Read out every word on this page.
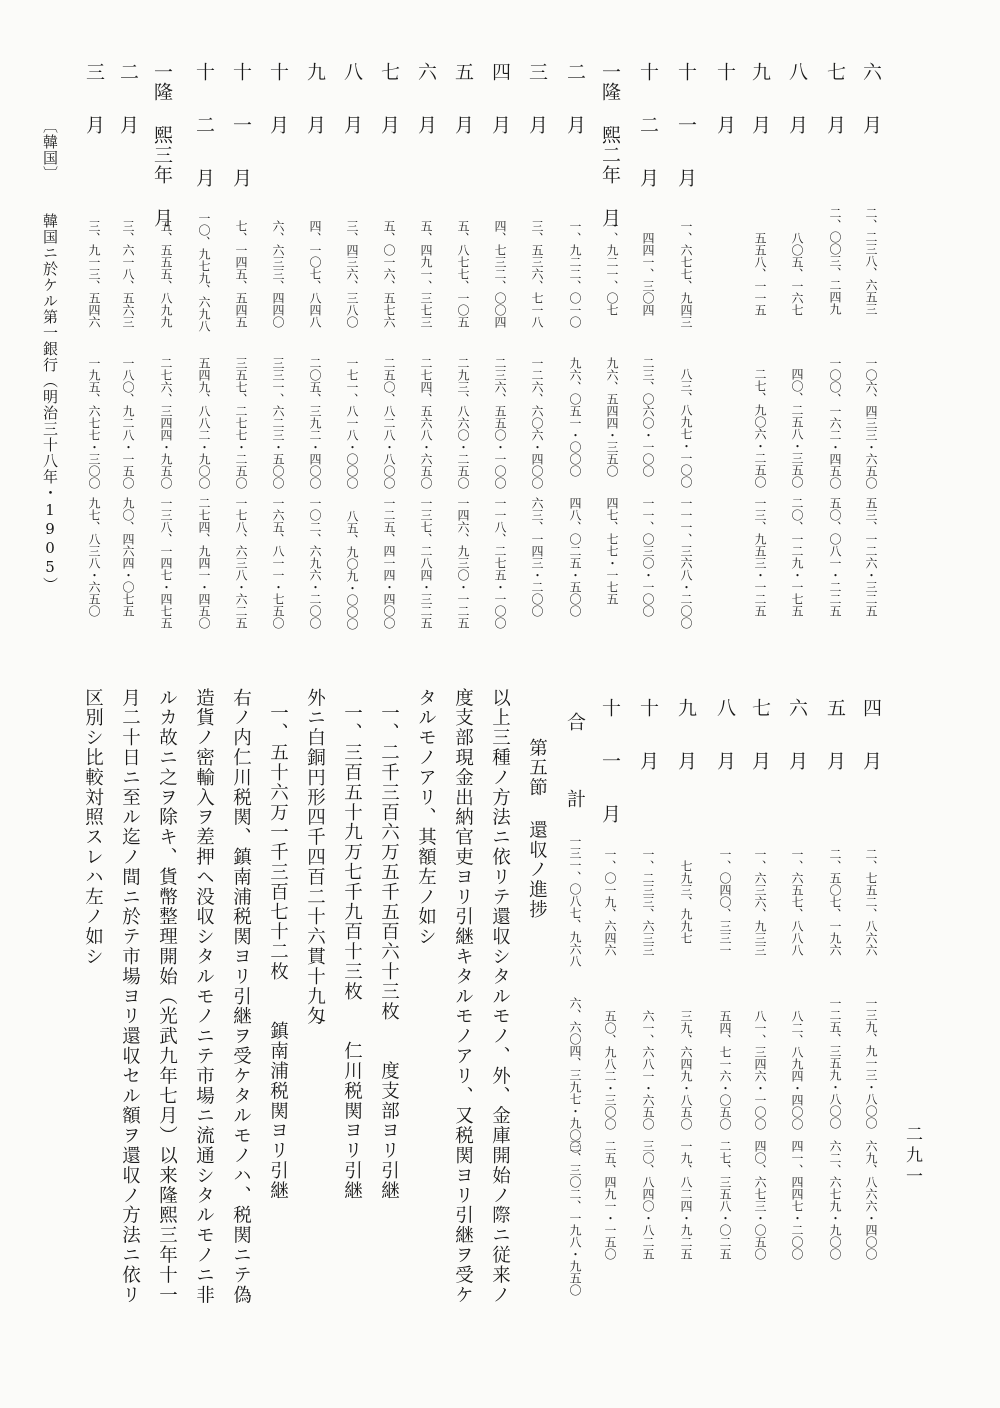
六 月
二、二三八、六五三
一〇六、四三三・六五〇
五三、一二六・三二五
七 月
二、〇〇三、二四九
一〇〇、一六二・四五〇
五〇、〇八一・二二五
八 月
八〇五、一六七
四〇、二五八・三五〇
二〇、一二九・一七五
九 月
五五八、一一五
二七、九〇六・二五〇
一三、九五三・一二五
十 月
十 一 月
一、六七七、九四三
八三、八九七・一〇〇
一一一、三六八・二〇〇
十 二 月
四四一、三〇四
二三、〇六〇・一〇〇
一一、〇三〇・一〇〇
一隆 熙二年 月
一、九二一、〇七
九六、五四四・三五〇
四七、七七・一七五
二 月
一、九二二、〇一〇
九六、〇五一・〇〇〇
四八、〇二五・五〇〇
三 月
三、五三六、七一八
一二六、六〇六・四〇〇
六三、一四三・二〇〇
四 月
四、七三二、〇〇四
二三六、五五〇・一〇〇
一一八、二七五・一〇〇
五 月
五、八七七、一〇五
二九三、八六〇・二五〇
一四六、九三〇・一二五
六 月
五、四九一、三七三
二七四、五六八・六五〇
一三七、二八四・三二五
七 月
五、〇一六、五七六
二五〇、八二八・八〇〇
一二五、四一四・四〇〇
八 月
三、四三六、三八〇
一七一、八一八・〇〇〇
八五、九〇九・〇〇〇
九 月
四、一〇七、八四八
二〇五、三九二・四〇〇
一〇二、六九六・二〇〇
十 月
六、六三三、四四〇
三三一、六二三・五〇〇
一六五、八一一・七五〇
十 一 月
七、一四五、五四五
三五七、二七七・二五〇
一七八、六三八・六二五
十 二 月
一〇、九七九、六九八
五四九、八八二・九〇〇
二七四、九四一・四五〇
一隆 熙三年 月
五、五五五、八九九
二七六、三四四・九五〇
一三八、一四七・四七五
二 月
三、六一八、五六三
一八〇、九二八・一五〇
九〇、四六四・〇七五
三 月
三、九一三、五四六
一九五、六七七・三〇〇
九七、八三八・六五〇
〔韓国〕
韓国ニ於ケル第一銀行（明治三十八年・1905）
四 月
二、七五二、八六六
一三九、九一三・八〇〇
六九、八六六・四〇〇
五 月
二、五〇七、一九六
一二五、三五九・八〇〇
六二、六七九・九〇〇
六 月
一、六五七、八八八
八二、八九四・四〇〇
四一、四四七・二〇〇
七 月
一、六三六、九三三
八一、三四六・一〇〇
四〇、六七三・〇五〇
八 月
一、〇四〇、三三一
五四、七一六・〇五〇
二七、三五八・〇二五
九 月
七九三、九九七
三九、六四九・八五〇
一九、八二四・九二五
十 月
一、二三三、六三三
六一、六八一・六五〇
三〇、八四〇・八二五
十 一 月
一、〇一九、六四六
五〇、九八二・三〇〇
二五、四九一・一五〇
合 計
一三一、〇八七、九六八
六、六〇四、三九七・九〇〇
三、三〇二、一九八・九五〇
第五節 還収ノ進捗
以上三種ノ方法ニ依リテ還収シタルモノ、外、金庫開始ノ際ニ従来ノ
度支部現金出納官吏ヨリ引継キタルモノアリ、又税関ヨリ引継ヲ受ケ
タルモノアリ、其額左ノ如シ
一、二千三百六万五千五百六十三枚　　度支部ヨリ引継
一、三百五十九万七千九百十三枚　　仁川税関ヨリ引継
外ニ白銅円形四千四百二十六貫十九匁
一、五十六万一千三百七十二枚　　鎮南浦税関ヨリ引継
右ノ内仁川税関、鎮南浦税関ヨリ引継ヲ受ケタルモノハ、税関ニテ偽
造貨ノ密輸入ヲ差押ヘ没収シタルモノニテ市場ニ流通シタルモノニ非
ルカ故ニ之ヲ除キ、貨幣整理開始（光武九年七月）以来隆熙三年十一
月二十日ニ至ル迄ノ間ニ於テ市場ヨリ還収セル額ヲ還収ノ方法ニ依リ
区別シ比較対照スレハ左ノ如シ
二九一
